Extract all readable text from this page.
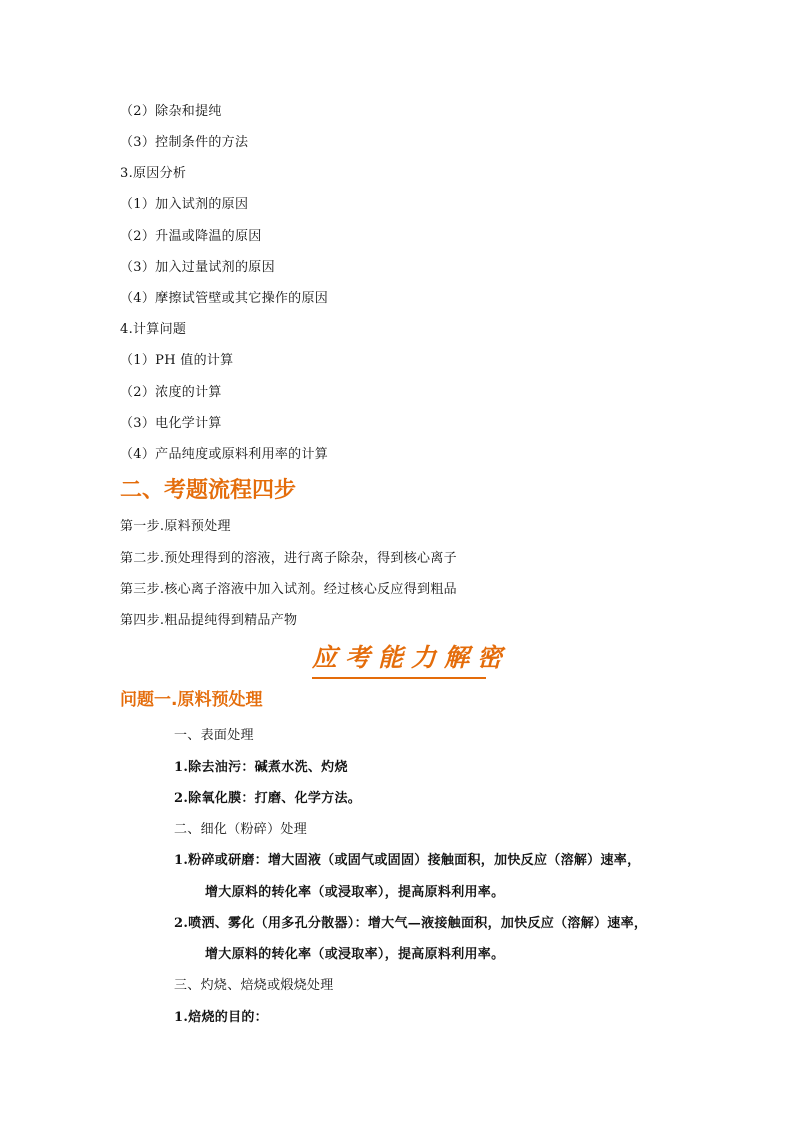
（2）除杂和提纯
（3）控制条件的方法
3.原因分析
（1）加入试剂的原因
（2）升温或降温的原因
（3）加入过量试剂的原因
（4）摩擦试管壁或其它操作的原因
4.计算问题
（1）PH 值的计算
（2）浓度的计算
（3）电化学计算
（4）产品纯度或原料利用率的计算
二、考题流程四步
第一步.原料预处理
第二步.预处理得到的溶液，进行离子除杂，得到核心离子
第三步.核心离子溶液中加入试剂。经过核心反应得到粗品
第四步.粗品提纯得到精品产物
应考能力解密
问题一.原料预处理
一、表面处理
1.除去油污：碱煮水洗、灼烧
2.除氧化膜：打磨、化学方法。
二、细化（粉碎）处理
1.粉碎或研磨：增大固液（或固气或固固）接触面积，加快反应（溶解）速率，
增大原料的转化率（或浸取率），提高原料利用率。
2.喷洒、雾化（用多孔分散器）：增大气—液接触面积，加快反应（溶解）速率，
增大原料的转化率（或浸取率），提高原料利用率。
三、灼烧、焙烧或煅烧处理
1.焙烧的目的：
